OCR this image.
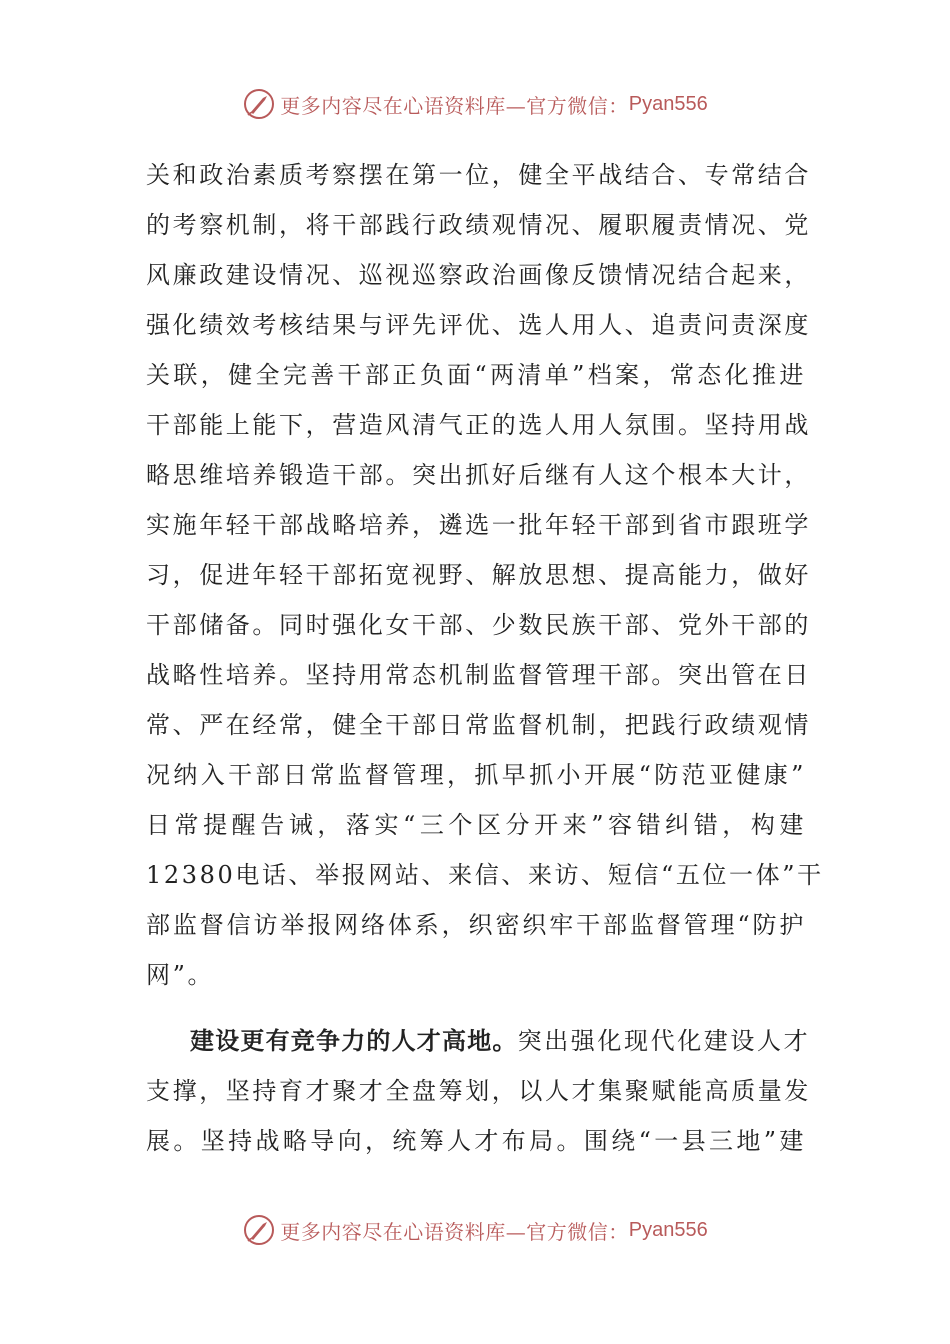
更多内容尽在心语资料库—官方微信： Pyan556
关和政治素质考察摆在第一位，健全平战结合、专常结合
的考察机制，将干部践行政绩观情况、履职履责情况、党
风廉政建设情况、巡视巡察政治画像反馈情况结合起来，
强化绩效考核结果与评先评优、选人用人、追责问责深度
关联，健全完善干部正负面“两清单”档案，常态化推进
干部能上能下，营造风清气正的选人用人氛围。坚持用战
略思维培养锻造干部。突出抓好后继有人这个根本大计，
实施年轻干部战略培养，遴选一批年轻干部到省市跟班学
习，促进年轻干部拓宽视野、解放思想、提高能力，做好
干部储备。同时强化女干部、少数民族干部、党外干部的
战略性培养。坚持用常态机制监督管理干部。突出管在日
常、严在经常，健全干部日常监督机制，把践行政绩观情
况纳入干部日常监督管理，抓早抓小开展“防范亚健康”
日常提醒告诫，落实“三个区分开来”容错纠错，构建
12380电话、举报网站、来信、来访、短信“五位一体”干
部监督信访举报网络体系，织密织牢干部监督管理“防护
网”。
建设更有竞争力的人才高地。突出强化现代化建设人才
支撑，坚持育才聚才全盘筹划，以人才集聚赋能高质量发
展。坚持战略导向，统筹人才布局。围绕“一县三地”建
更多内容尽在心语资料库—官方微信： Pyan556
